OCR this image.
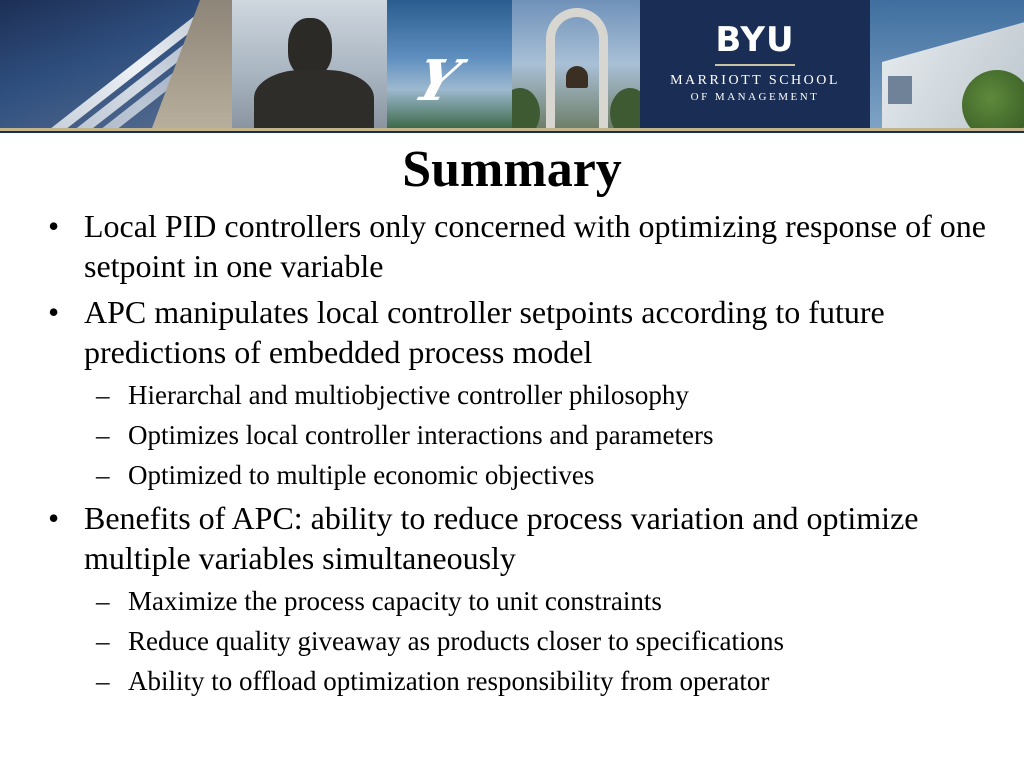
Y
BYU
MARRIOTT SCHOOL
OF MANAGEMENT
Summary
• Local PID controllers only concerned with optimizing response of one setpoint in one variable
• APC manipulates local controller setpoints according to future predictions of embedded process model
– Hierarchal and multiobjective controller philosophy
– Optimizes local controller interactions and parameters
– Optimized to multiple economic objectives
• Benefits of APC: ability to reduce process variation and optimize multiple variables simultaneously
– Maximize the process capacity to unit constraints
– Reduce quality giveaway as products closer to specifications
– Ability to offload optimization responsibility from operator
